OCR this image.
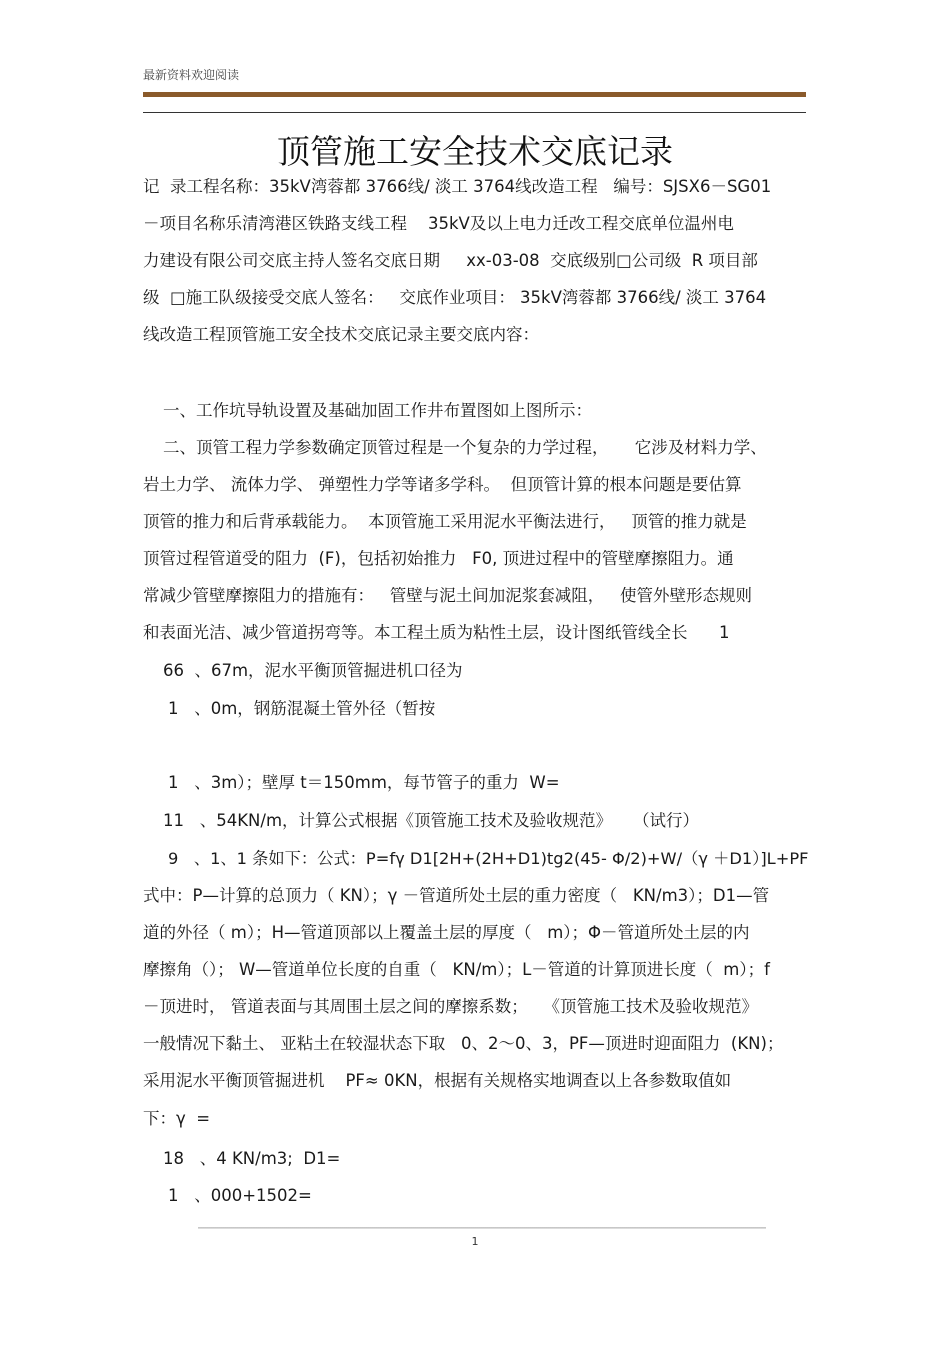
最新资料欢迎阅读
顶管施工安全技术交底记录
记  录工程名称：35kV湾蓉都 3766线/ 淡工 3764线改造工程   编号：SJSX6－SG01
－项目名称乐清湾港区铁路支线工程    35kV及以上电力迁改工程交底单位温州电
力建设有限公司交底主持人签名交底日期     xx-03-08  交底级别□公司级  R 项目部
级  □施工队级接受交底人签名：   交底作业项目： 35kV湾蓉都 3766线/ 淡工 3764
线改造工程顶管施工安全技术交底记录主要交底内容：
一、工作坑导轨设置及基础加固工作井布置图如上图所示：
二、顶管工程力学参数确定顶管过程是一个复杂的力学过程，     它涉及材料力学、
岩土力学、 流体力学、 弹塑性力学等诸多学科。  但顶管计算的根本问题是要估算
顶管的推力和后背承载能力。  本顶管施工采用泥水平衡法进行，   顶管的推力就是
顶管过程管道受的阻力  (F)，包括初始推力   F0, 顶进过程中的管壁摩擦阻力。通
常减少管壁摩擦阻力的措施有：   管壁与泥土间加泥浆套减阻，   使管外壁形态规则
和表面光洁、减少管道拐弯等。本工程土质为粘性土层，设计图纸管线全长      1
66  、67m，泥水平衡顶管掘进机口径为
1   、0m，钢筋混凝土管外径（暂按
1   、3m）；壁厚 t＝150mm，每节管子的重力  W=
11   、54KN/m，计算公式根据《顶管施工技术及验收规范》    （试行）
9   、1、1 条如下：公式：P=fγ D1[2H+(2H+D1)tg2(45- Φ/2)+W/（γ ＋D1）]L+PF
式中：P—计算的总顶力（ KN）；γ －管道所处土层的重力密度（   KN/m3）；D1—管
道的外径（ m）；H—管道顶部以上覆盖土层的厚度（   m）；Φ－管道所处土层的内
摩擦角（）； W—管道单位长度的自重（   KN/m）；L－管道的计算顶进长度（  m）；f
－顶进时， 管道表面与其周围土层之间的摩擦系数；   《顶管施工技术及验收规范》
一般情况下黏土、 亚粘土在较湿状态下取   0、2～0、3，PF—顶进时迎面阻力  (KN)；
采用泥水平衡顶管掘进机    PF≈ 0KN，根据有关规格实地调查以上各参数取值如
下：γ  =
18   、4 KN/m3;  D1=
1   、000+1502=
1
